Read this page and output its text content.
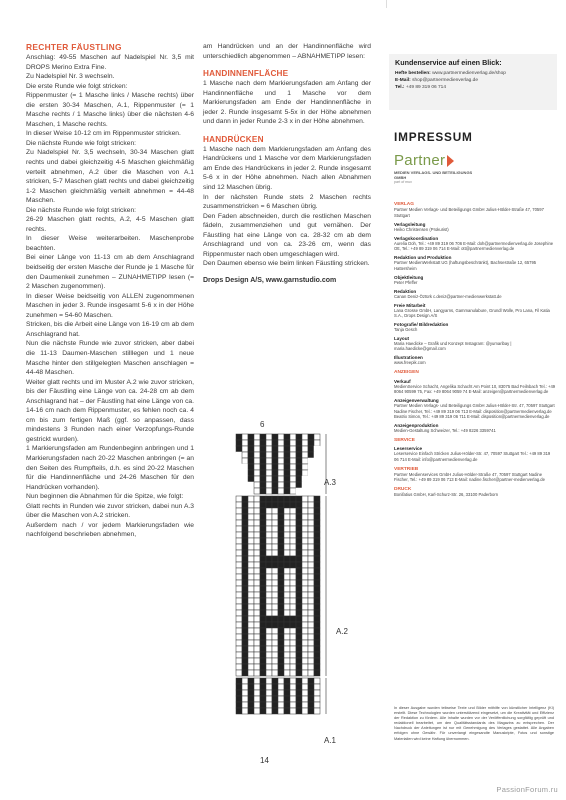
RECHTER FÄUSTLING
Anschlag: 49-55 Maschen auf Nadelspiel Nr. 3,5 mit DROPS Merino Extra Fine.
Zu Nadelspiel Nr. 3 wechseln.
Die erste Runde wie folgt stricken:
Rippenmuster (= 1 Masche links / Masche rechts) über die ersten 30-34 Maschen, A.1, Rippenmuster (= 1 Masche rechts / 1 Masche links) über die nächsten 4-6 Maschen, 1 Masche rechts.
In dieser Weise 10-12 cm im Rippenmuster stricken.
Die nächste Runde wie folgt stricken:
Zu Nadelspiel Nr. 3,5 wechseln, 30-34 Maschen glatt rechts und dabei gleichzeitig 4-5 Maschen gleichmäßig verteilt abnehmen, A.2 über die Maschen von A.1 stricken, 5-7 Maschen glatt rechts und dabei gleichzeitig 1-2 Maschen gleichmäßig verteilt abnehmen = 44-48 Maschen.
Die nächste Runde wie folgt stricken:
26-29 Maschen glatt rechts, A.2, 4-5 Maschen glatt rechts.
In dieser Weise weiterarbeiten. Maschenprobe beachten.
Bei einer Länge von 11-13 cm ab dem Anschlagrand beidseitig der ersten Masche der Runde je 1 Masche für den Daumenkeil zunehmen – ZUNAHMETIPP lesen (= 2 Maschen zugenommen).
In dieser Weise beidseitig von ALLEN zugenommenen Maschen in jeder 3. Runde insgesamt 5-6 x in der Höhe zunehmen = 54-60 Maschen.
Stricken, bis die Arbeit eine Länge von 16-19 cm ab dem Anschlagrand hat.
Nun die nächste Runde wie zuvor stricken, aber dabei die 11-13 Daumen-Maschen stilllegen und 1 neue Masche hinter den stillgelegten Maschen anschlagen = 44-48 Maschen.
Weiter glatt rechts und im Muster A.2 wie zuvor stricken, bis der Fäustling eine Länge von ca. 24-28 cm ab dem Anschlagrand hat – der Fäustling hat eine Länge von ca. 14-16 cm nach dem Rippenmuster, es fehlen noch ca. 4 cm bis zum fertigen Maß (ggf. so anpassen, dass mindestens 3 Runden nach einer Verzopfungs-Runde gestrickt wurden).
1 Markierungsfaden am Rundenbeginn anbringen und 1 Markierungsfaden nach 20-22 Maschen anbringen (= an den Seiten des Rumpfteils, d.h. es sind 20-22 Maschen für die Handinnenfläche und 24-26 Maschen für den Handrücken vorhanden).
Nun beginnen die Abnahmen für die Spitze, wie folgt:
Glatt rechts in Runden wie zuvor stricken, dabei nun A.3 über die Maschen von A.2 stricken.
Außerdem nach / vor jedem Markierungsfaden wie nachfolgend beschrieben abnehmen,
am Handrücken und an der Handinnenfläche wird unterschiedlich abgenommen – ABNAHMETIPP lesen:
HANDINNENFLÄCHE
1 Masche nach dem Markierungsfaden am Anfang der Handinnenfläche und 1 Masche vor dem Markierungsfaden am Ende der Handinnenfläche in jeder 2. Runde insgesamt 5-5x in der Höhe abnehmen und dann in jeder Runde 2-3 x in der Höhe abnehmen.
HANDRÜCKEN
1 Masche nach dem Markierungsfaden am Anfang des Handrückens und 1 Masche vor dem Markierungsfaden am Ende des Handrückens in jeder 2. Runde insgesamt 5-6 x in der Höhe abnehmen. Nach allen Abnahmen sind 12 Maschen übrig.
In der nächsten Runde stets 2 Maschen rechts zusammenstricken = 6 Maschen übrig.
Den Faden abschneiden, durch die restlichen Maschen fädeln, zusammenziehen und gut vernähen. Der Fäustling hat eine Länge von ca. 28-32 cm ab dem Anschlagrand und von ca. 23-26 cm, wenn das Rippenmuster nach oben umgeschlagen wird.
Den Daumen ebenso wie beim linken Fäustling stricken.
Drops Design A/S, www.garnstudio.com
6
14
A.3
A.2
A.1
Kundenservice auf einen Blick:
Hefte bestellen: www.partnermedienverlag.de/shop
E-Mail: shop@partnermedienverlag.de
Tel.: +49 89 319 06 714
IMPRESSUM
Partner
MEDIEN VERLAGS- UND BETEILIGUNGS GMBH
part of mux
VERLAG
Partner Medien Verlags- und Beteiligungs GmbH Julius-Hölder-Straße 47, 70597 Stuttgart
Verlagsleitung
Heiko Christensen (Prokurist)
Verlagskoordination
Aurelia Doh, Tel.: +49 89 319 06 706 E-Mail: doh@partnermedienverlag.de Josephine Ott, Tel.: +49 89 319 06 714 E-Mail: ott@partnermedienverlag.de
Redaktion und Produktion
Partner MedienWerkstatt UG (haftungsbeschränkt), Bachsestraße 12, 65795 Hattersheim
Objektleitung
Peter Pfeffer
Redaktion
Canan Deniz-Öztürk c.deniz@partner-medienwerkstatt.de
Freie Mitarbeit
Lana Grosse GmbH, Langyarns, Gammanulabure, Grundl Wolle, Pro Lana, Fil Katia S.A., Drops Design A/S
Fotografie/ Bildredaktion
Tanja Gesch
Layout
Maria Haedicke – Grafik und Konzept Instagram: @yumaribay | maria.haedicke@gmail.com
Illustrationen
www.freepik.com
ANZEIGEN
Verkauf
MedienService Schacht, Angelika Schacht Am Point 10, 83075 Bad Feilnbach Tel.: +49 8064 90599 75, Fax: +49 8064 9059 74 E-Mail: anzeigen@partnermedienverlag.de
Anzeigenverwaltung
Partner Medien Verlags- und Beteiligungs GmbH Julius-Hölder-Str. 47, 70597 Stuttgart Nadine Fischer, Tel.: +49 89 319 06 713 E-Mail: disposition@partnermedienverlag.de Beatrix Simon, Tel.: +49 89 319 06 711 E-Mail: disposition@partnermedienverlag.de
Anzeigenproduktion
Medien-Gestaltung Schweizer, Tel.: +49 8226 3359741
SERVICE
Leserservice
Leserservice Einfach Stricken Julius-Hölder-Str. 47, 70597 Stuttgart Tel.: +49 89 319 06 714 E-Mail: info@partnermedienverlag.de
VERTRIEB
Partner Medienservices GmbH Julius-Hölder-Straße 47, 70597 Stuttgart Nadine Fischer, Tel.: +49 89 319 06 713 E-Mail: nadine.fischer@partner-medienverlag.de
DRUCK
Bonifatius GmbH, Karl-Schurz-Str. 26, 33100 Paderborn
In dieser Ausgabe wurden teilweise Texte und Bilder mithilfe von künstlicher Intelligenz (KI) erstellt. Diese Technologien wurden unterstützend eingesetzt, um die Kreativität und Effizienz der Redaktion zu fördern. Alle Inhalte wurden vor der Veröffentlichung sorgfältig geprüft und redaktionell bearbeitet, um den Qualitätsstandards des Magazins zu entsprechen. Der Nachdruck der Anleitungen ist nur mit Genehmigung des Verlages gestattet. Alle Angaben erfolgen ohne Gewähr. Für unverlangt eingesandte Manuskripte, Fotos und sonstige Materialien wird keine Haftung übernommen.
PassionForum.ru
